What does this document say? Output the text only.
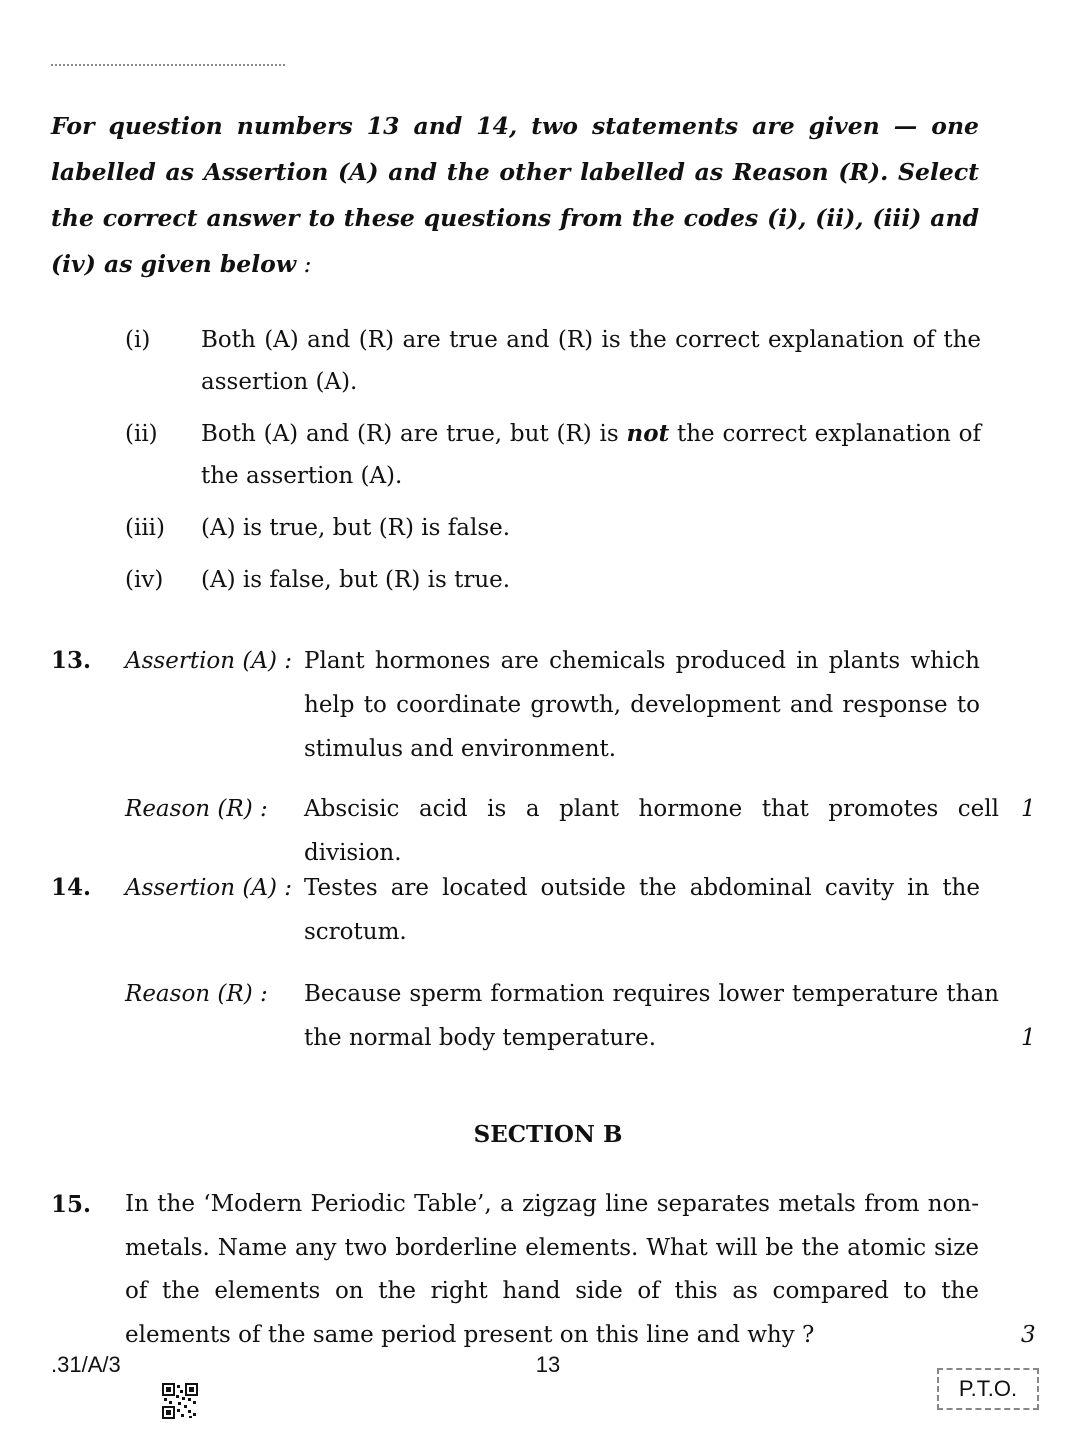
For question numbers 13 and 14, two statements are given — one labelled as Assertion (A) and the other labelled as Reason (R). Select the correct answer to these questions from the codes (i), (ii), (iii) and (iv) as given below :
(i) Both (A) and (R) are true and (R) is the correct explanation of the assertion (A).
(ii) Both (A) and (R) are true, but (R) is not the correct explanation of the assertion (A).
(iii) (A) is true, but (R) is false.
(iv) (A) is false, but (R) is true.
13. Assertion (A) : Plant hormones are chemicals produced in plants which help to coordinate growth, development and response to stimulus and environment.
Reason (R) : Abscisic acid is a plant hormone that promotes cell division.
1
14. Assertion (A) : Testes are located outside the abdominal cavity in the scrotum.
Reason (R) : Because sperm formation requires lower temperature than the normal body temperature.	1
SECTION B
15. In the ‘Modern Periodic Table’, a zigzag line separates metals from non-metals. Name any two borderline elements. What will be the atomic size of the elements on the right hand side of this as compared to the elements of the same period present on this line and why ?	3
.31/A/3	13
P.T.O.
